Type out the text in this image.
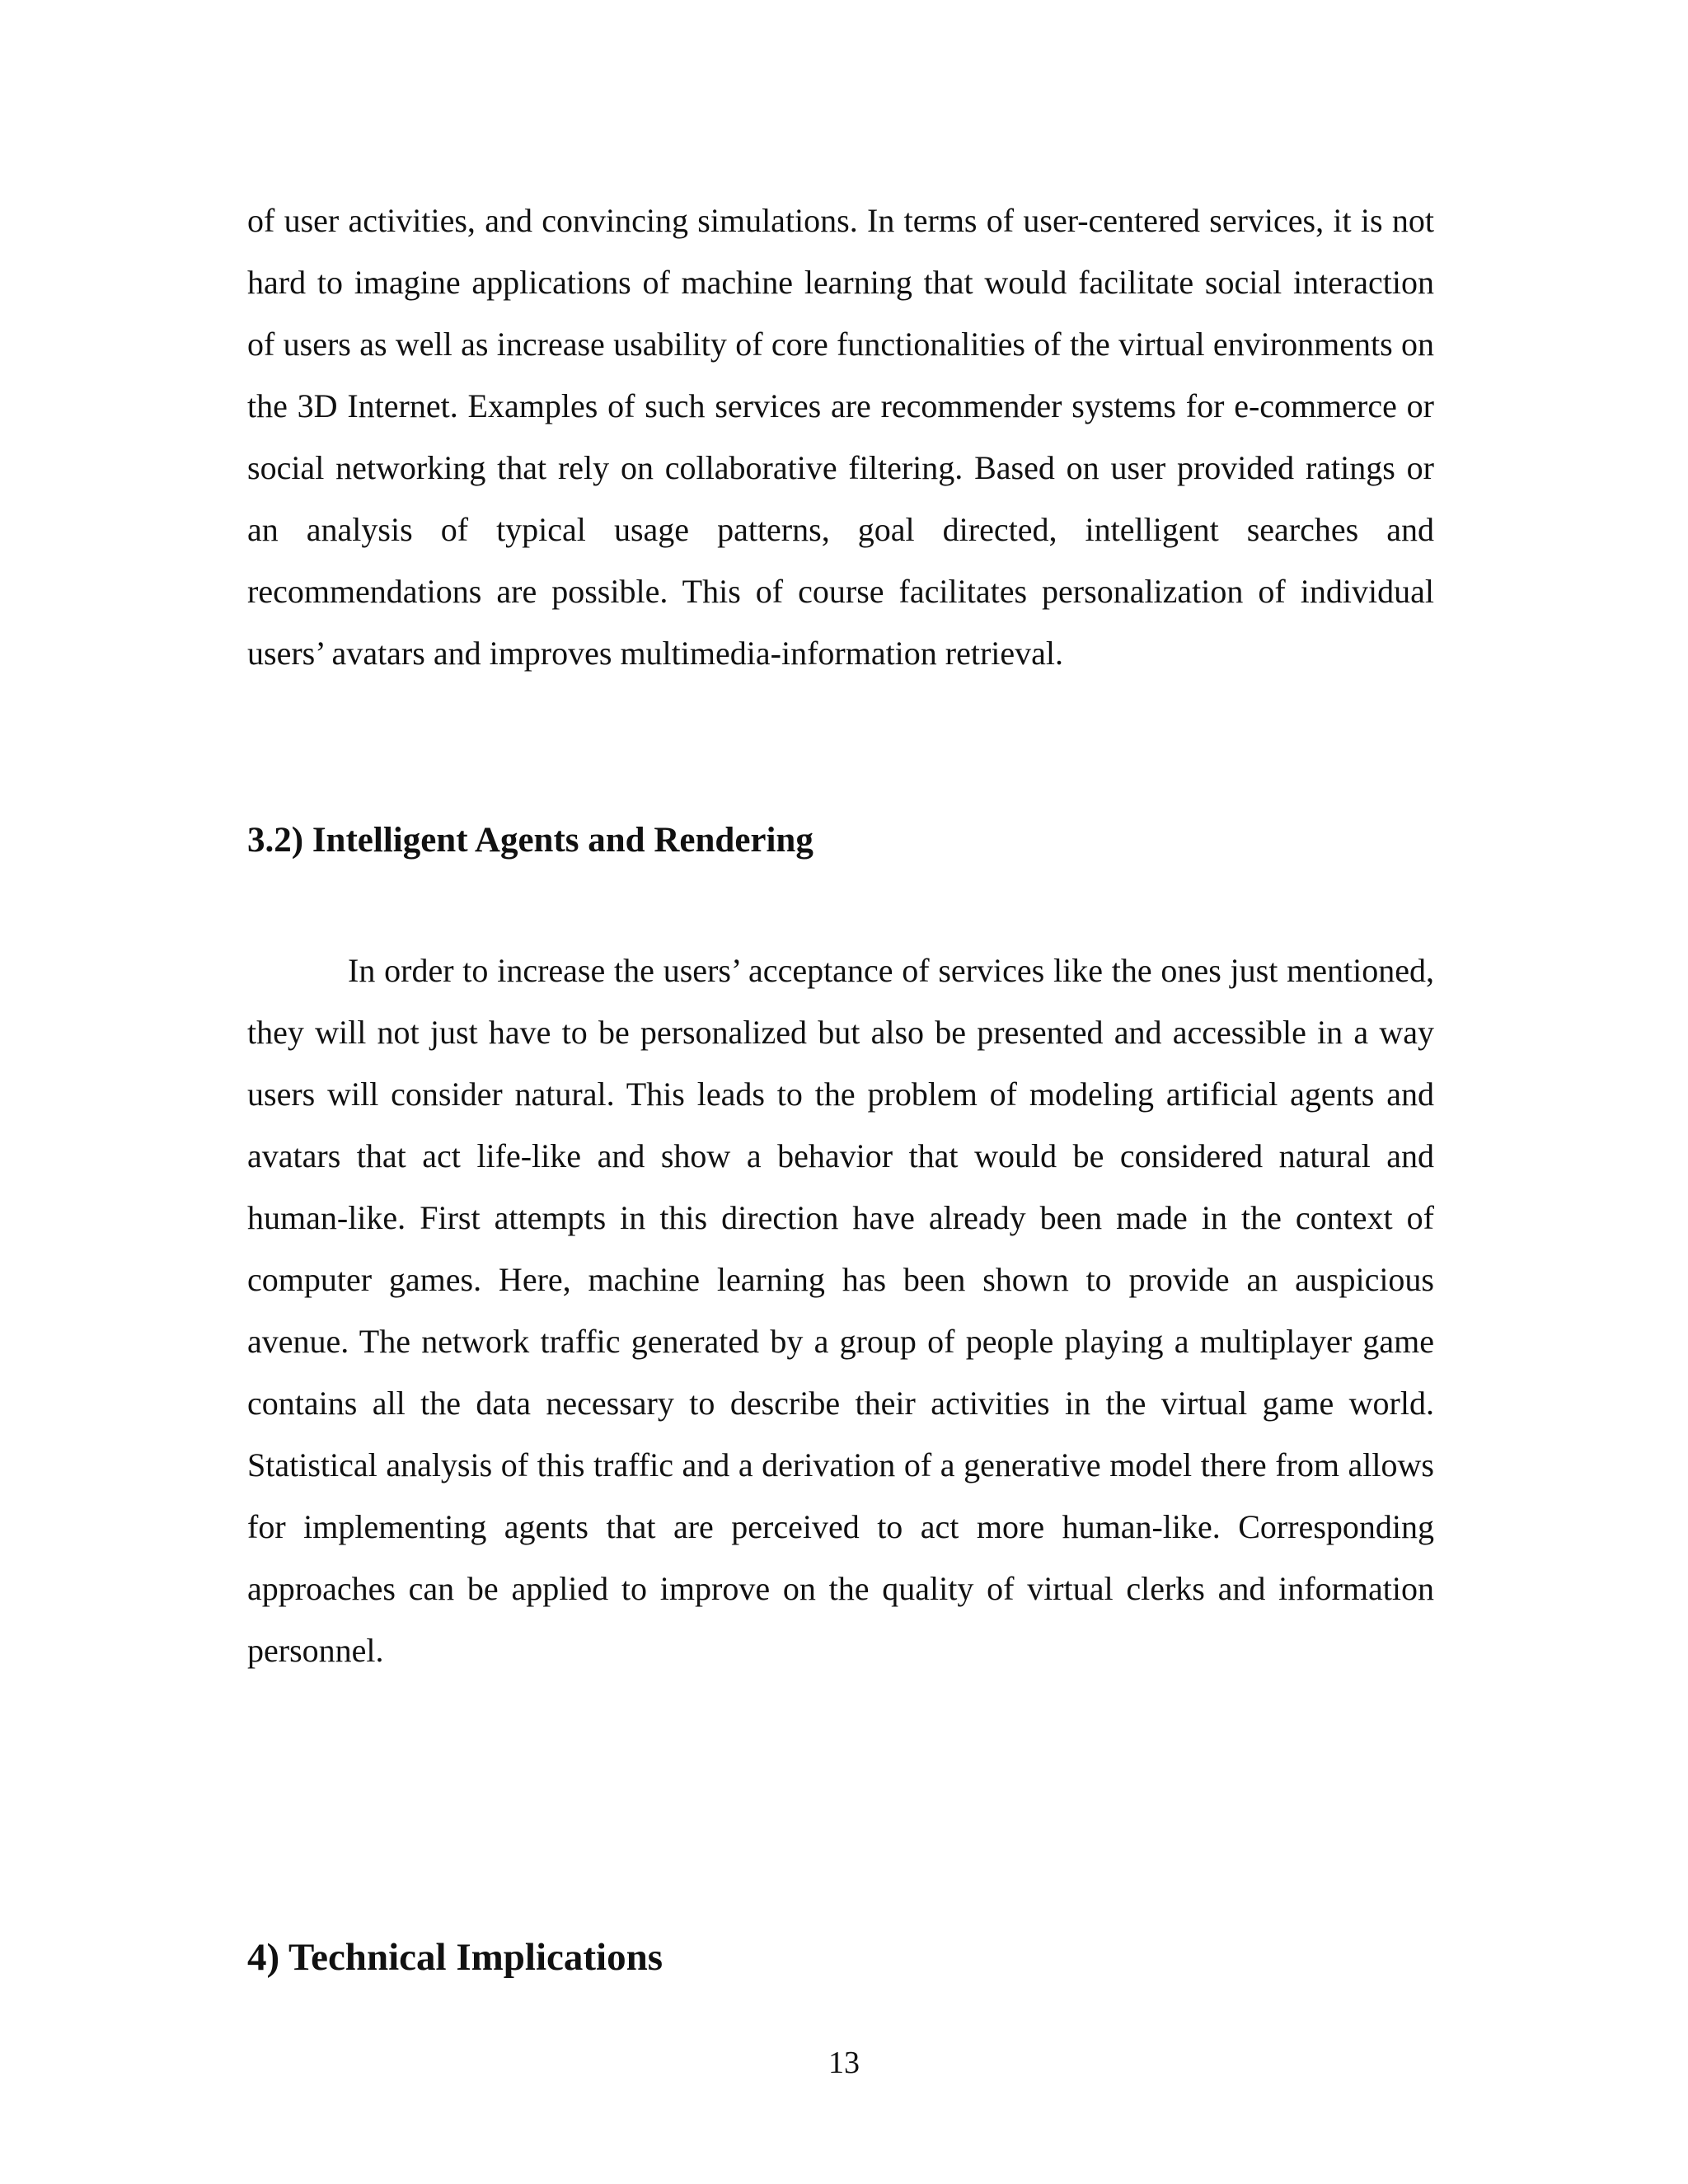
of user activities, and convincing simulations. In terms of user-centered services, it is not hard to imagine applications of machine learning that would facilitate social interaction of users as well as increase usability of core functionalities of the virtual environments on the 3D Internet. Examples of such services are recommender systems for e-commerce or social networking that rely on collaborative filtering. Based on user provided ratings or an analysis of typical usage patterns, goal directed, intelligent searches and recommendations are possible. This of course facilitates personalization of individual users’ avatars and improves multimedia-information retrieval.

3.2) Intelligent Agents and Rendering

In order to increase the users’ acceptance of services like the ones just mentioned, they will not just have to be personalized but also be presented and accessible in a way users will consider natural. This leads to the problem of modeling artificial agents and avatars that act life-like and show a behavior that would be considered natural and human-like. First attempts in this direction have already been made in the context of computer games. Here, machine learning has been shown to provide an auspicious avenue. The network traffic generated by a group of people playing a multiplayer game contains all the data necessary to describe their activities in the virtual game world. Statistical analysis of this traffic and a derivation of a generative model there from allows for implementing agents that are perceived to act more human-like. Corresponding approaches can be applied to improve on the quality of virtual clerks and information personnel.

4) Technical Implications
13
